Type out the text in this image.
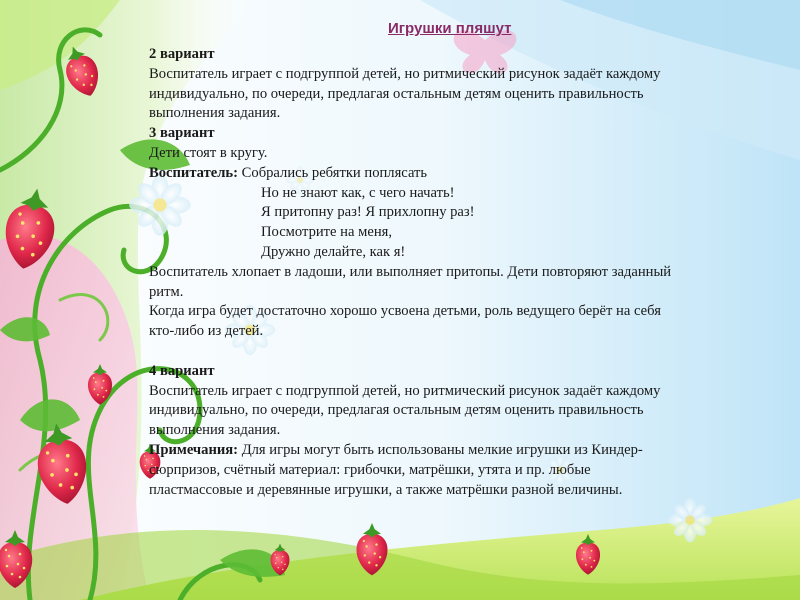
Игрушки пляшут
2 вариант
Воспитатель играет с подгруппой детей, но ритмический рисунок задаёт каждому
индивидуально, по очереди, предлагая остальным детям оценить правильность
выполнения задания.
3 вариант
Дети стоят в кругу.
Воспитатель: Собрались ребятки поплясать
Но не знают как, с чего начать!
Я притопну раз! Я прихлопну раз!
Посмотрите на меня,
Дружно делайте, как я!
Воспитатель хлопает в ладоши, или выполняет притопы. Дети повторяют заданный
ритм.
Когда игра будет достаточно хорошо усвоена детьми, роль ведущего берёт на себя
кто-либо из детей.
4 вариант
Воспитатель играет с подгруппой детей, но ритмический рисунок задаёт каждому
индивидуально, по очереди, предлагая остальным детям оценить правильность
выполнения задания.
Примечания: Для игры могут быть использованы мелкие игрушки из Киндер-
сюрпризов, счётный материал: грибочки, матрёшки, утята и пр. любые
пластмассовые и деревянные игрушки, а также матрёшки разной величины.
